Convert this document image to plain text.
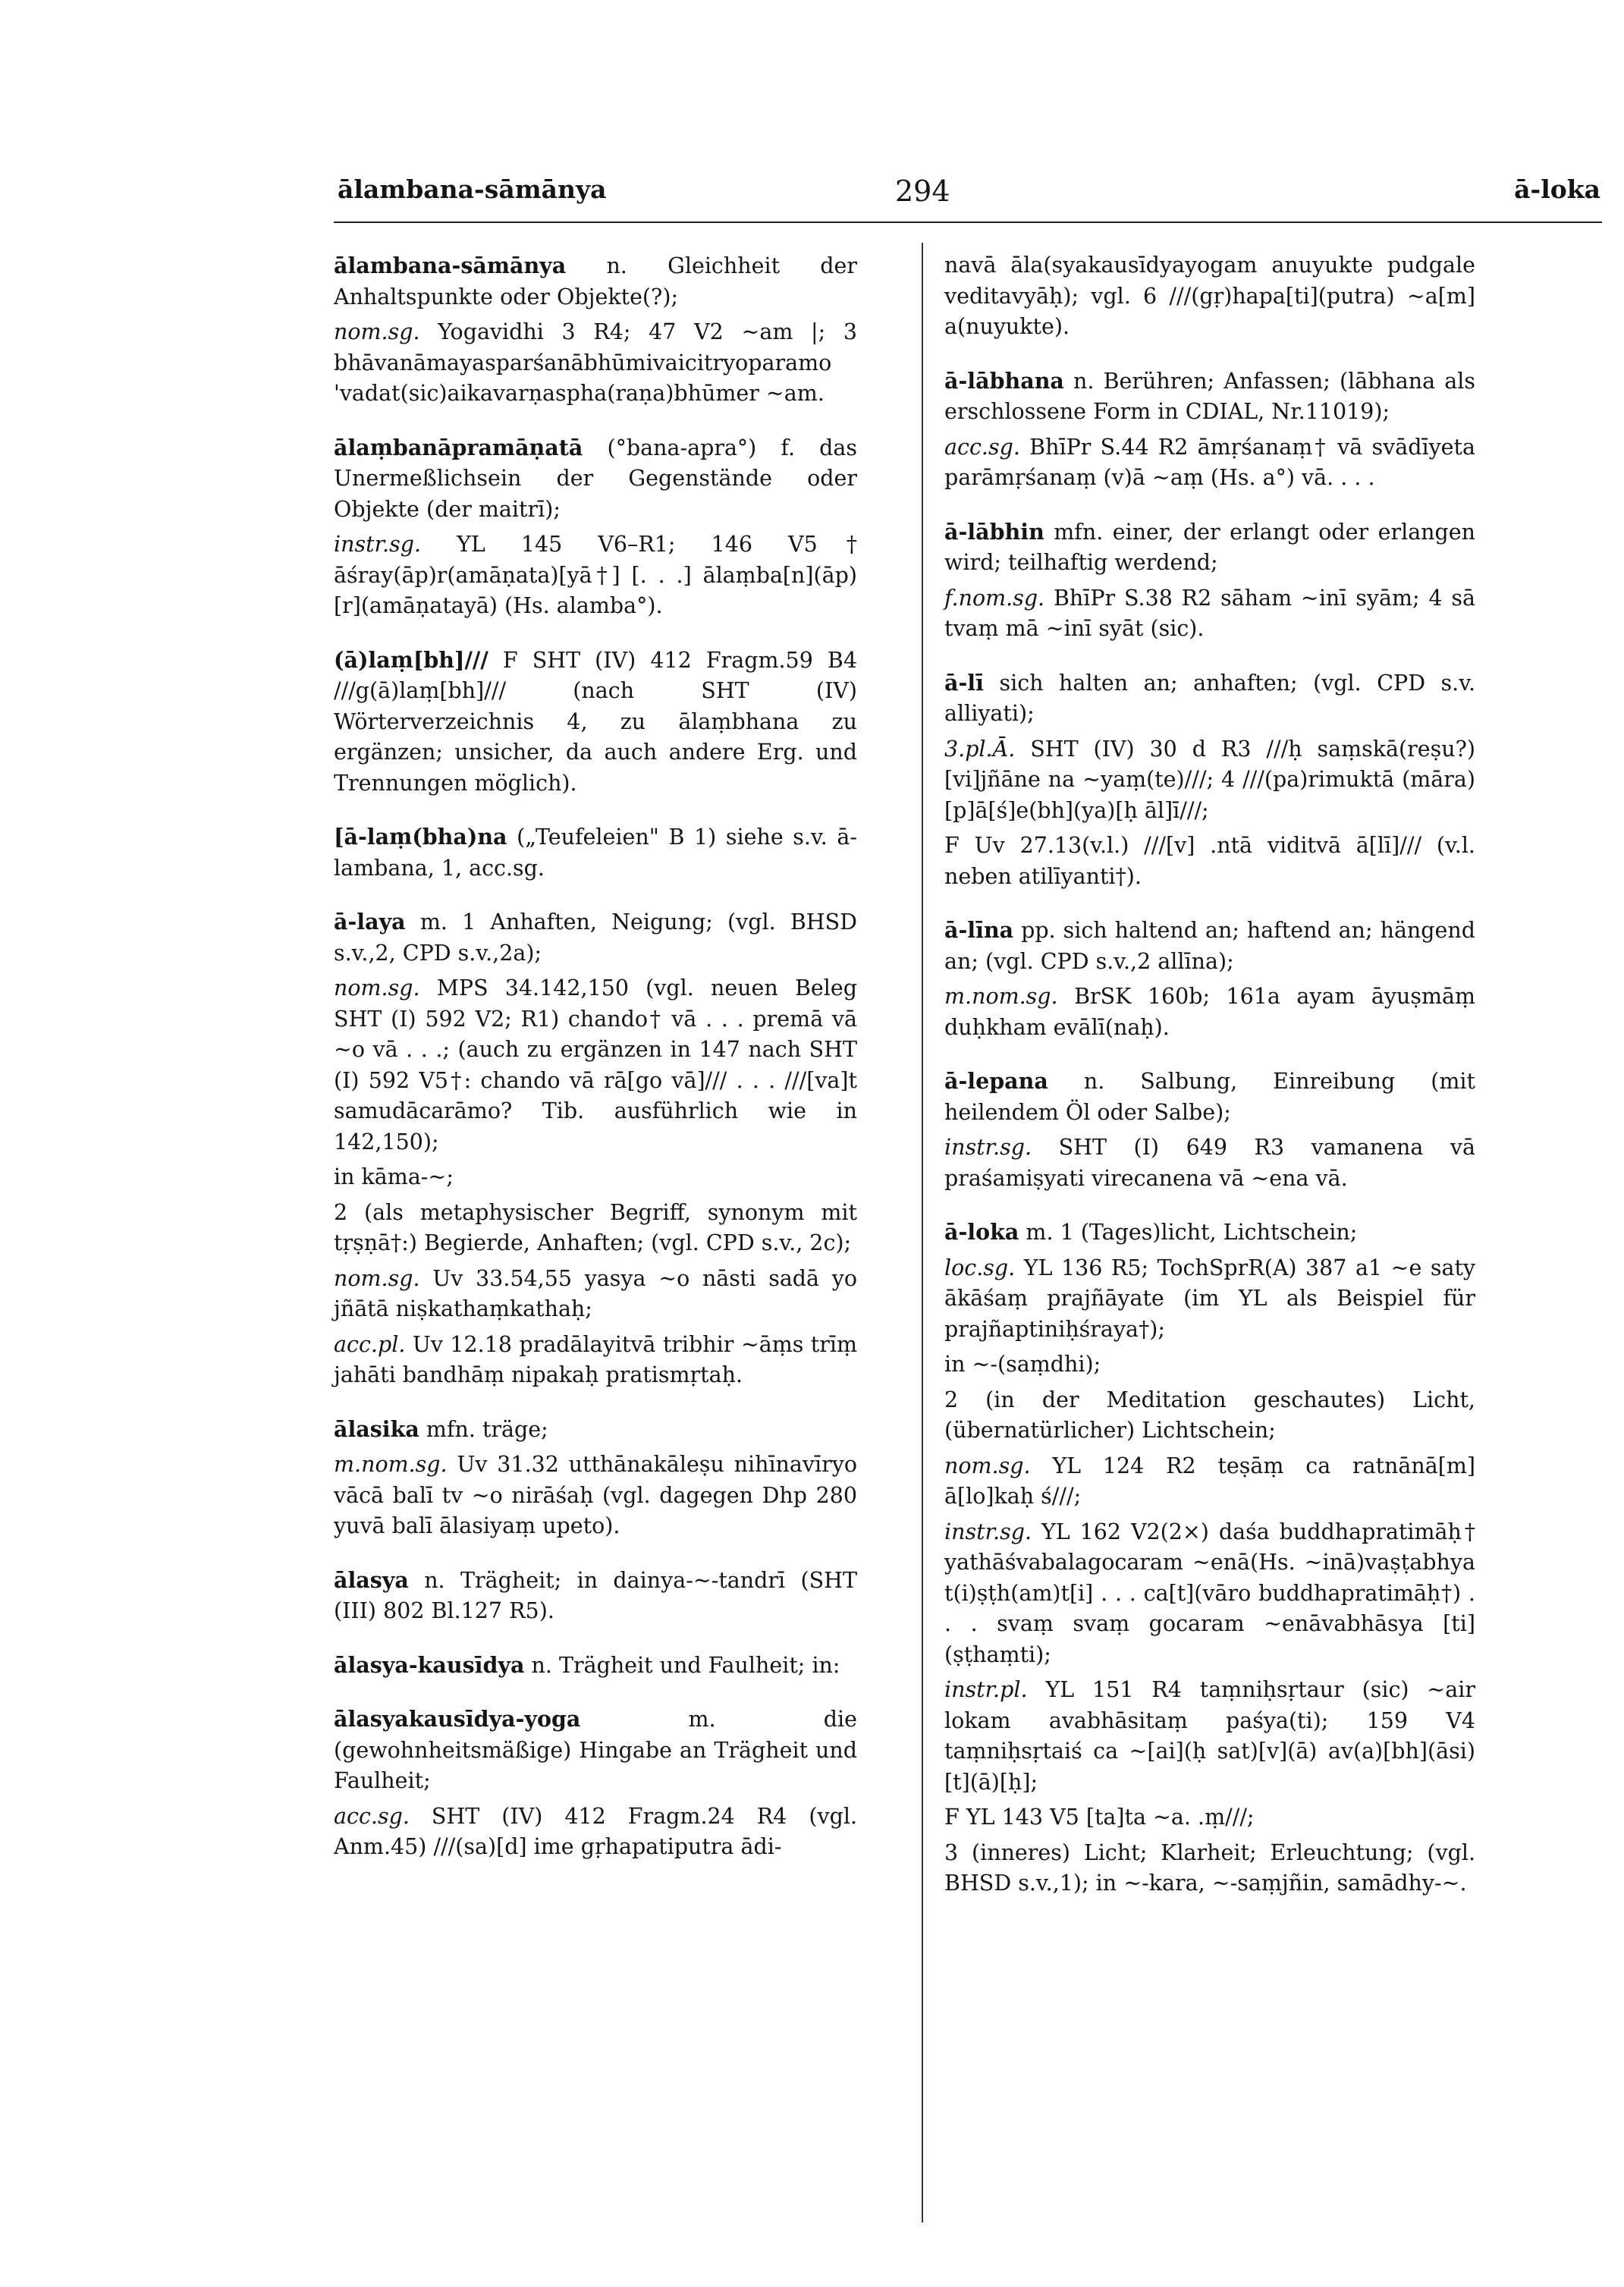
ālambana-sāmānya	294	ā-loka

ālambana-sāmānya n. Gleichheit der Anhaltspunkte oder Objekte(?);

nom.sg. Yogavidhi 3 R4; 47 V2 ~am |; 3 bhāvanāmayasparśanābhūmivaicitryoparamo 'vadat(sic)aikavarṇaspha(raṇa)bhūmer ~am.

ālaṃbanāpramāṇatā (°bana-apra°) f. das Unermeßlichsein der Gegenstände oder Objekte (der maitrī);

instr.sg. YL 145 V6–R1; 146 V5† āśray(āp)r(amāṇata)[yā†] [. . .] ālaṃba[n](āp)[r](amāṇatayā) (Hs. alamba°).

(ā)laṃ[bh]/// F SHT (IV) 412 Fragm.59 B4 ///g(ā)laṃ[bh]/// (nach SHT (IV) Wörterverzeichnis 4, zu ālaṃbhana zu ergänzen; unsicher, da auch andere Erg. und Trennungen möglich).

[ā-laṃ(bha)na („Teufeleien" B 1) siehe s.v. ā-lambana, 1, acc.sg.

ā-laya m. 1 Anhaften, Neigung; (vgl. BHSD s.v.,2, CPD s.v.,2a);

nom.sg. MPS 34.142,150 (vgl. neuen Beleg SHT (I) 592 V2; R1) chando† vā . . . premā vā ~o vā . . .; (auch zu ergänzen in 147 nach SHT (I) 592 V5†: chando vā rā[go vā]/// . . . ///[va]t samudācarāmo? Tib. ausführlich wie in 142,150);

in kāma-~;

2 (als metaphysischer Begriff, synonym mit tṛṣṇā†:) Begierde, Anhaften; (vgl. CPD s.v., 2c);

nom.sg. Uv 33.54,55 yasya ~o nāsti sadā yo jñātā niṣkathaṃkathaḥ;

acc.pl. Uv 12.18 pradālayitvā tribhir ~āṃs trīṃ jahāti bandhāṃ nipakaḥ pratismṛtaḥ.

ālasika mfn. träge;

m.nom.sg. Uv 31.32 utthānakāleṣu nihīnavīryo vācā balī tv ~o nirāśaḥ (vgl. dagegen Dhp 280 yuvā balī ālasiyaṃ upeto).

ālasya n. Trägheit; in dainya-~-tandrī (SHT (III) 802 Bl.127 R5).

ālasya-kausīdya n. Trägheit und Faulheit; in:

ālasyakausīdya-yoga	m. die (gewohnheitsmäßige) Hingabe an Trägheit und Faulheit;

acc.sg. SHT (IV) 412 Fragm.24 R4 (vgl. Anm.45) ///(sa)[d] ime gṛhapatiputra ādi-

navā āla(syakausīdyayogam anuyukte pudgale veditavyāḥ); vgl. 6 ///(gṛ)hapa[ti](putra) ~a[m] a(nuyukte).

ā-lābhana n. Berühren; Anfassen; (lābhana als erschlossene Form in CDIAL, Nr.11019);

acc.sg. BhīPr S.44 R2 āmṛśanaṃ† vā svādīyeta parāmṛśanaṃ (v)ā ~aṃ (Hs. a°) vā. . . .

ā-lābhin mfn. einer, der erlangt oder erlangen wird; teilhaftig werdend;

f.nom.sg. BhīPr S.38 R2 sāham ~inī syām; 4 sā tvaṃ mā ~inī syāt (sic).

ā-lī sich halten an; anhaften; (vgl. CPD s.v. alliyati);

3.pl.Ā. SHT (IV) 30 d R3 ///ḥ saṃskā(reṣu?) [vi]jñāne na ~yaṃ(te)///; 4 ///(pa)rimuktā (māra)[p]ā[ś]e(bh](ya)[ḥ āl]ī///;

F Uv 27.13(v.l.) ///[v] .ntā viditvā ā[lī]/// (v.l. neben atilīyanti†).

ā-līna pp. sich haltend an; haftend an; hängend an; (vgl. CPD s.v.,2 allīna);

m.nom.sg. BrSK 160b; 161a ayam āyuṣmāṃ duḥkham evālī(naḥ).

ā-lepana n. Salbung, Einreibung (mit heilendem Öl oder Salbe);

instr.sg. SHT (I) 649 R3 vamanena vā praśamiṣyati virecanena vā ~ena vā.

ā-loka m. 1 (Tages)licht, Lichtschein;

loc.sg. YL 136 R5; TochSprR(A) 387 a1 ~e saty ākāśaṃ prajñāyate (im YL als Beispiel für prajñaptiniḥśraya†);

in ~-(saṃdhi);

2 (in der Meditation geschautes) Licht, (übernatürlicher) Lichtschein;

nom.sg. YL 124 R2 teṣāṃ ca ratnānā[m] ā[lo]kaḥ ś///;

instr.sg. YL 162 V2(2×) daśa buddhapratimāḥ† yathāśvabalagocaram ~enā(Hs. ~inā)vaṣṭabhya t(i)ṣṭh(am)t[i] . . . ca[t](vāro buddhapratimāḥ†) . . . svaṃ svaṃ gocaram ~enāvabhāsya [ti](ṣṭhaṃti);

instr.pl. YL 151 R4 taṃniḥsṛtaur (sic) ~air lokam avabhāsitaṃ paśya(ti); 159 V4 taṃniḥsṛtaiś ca ~[ai](ḥ sat)[v](ā) av(a)[bh](āsi)[t](ā)[ḥ];

F YL 143 V5 [ta]ta ~a. .ṃ///;

3 (inneres) Licht; Klarheit; Erleuchtung; (vgl. BHSD s.v.,1); in ~-kara, ~-saṃjñin, samādhy-~.
